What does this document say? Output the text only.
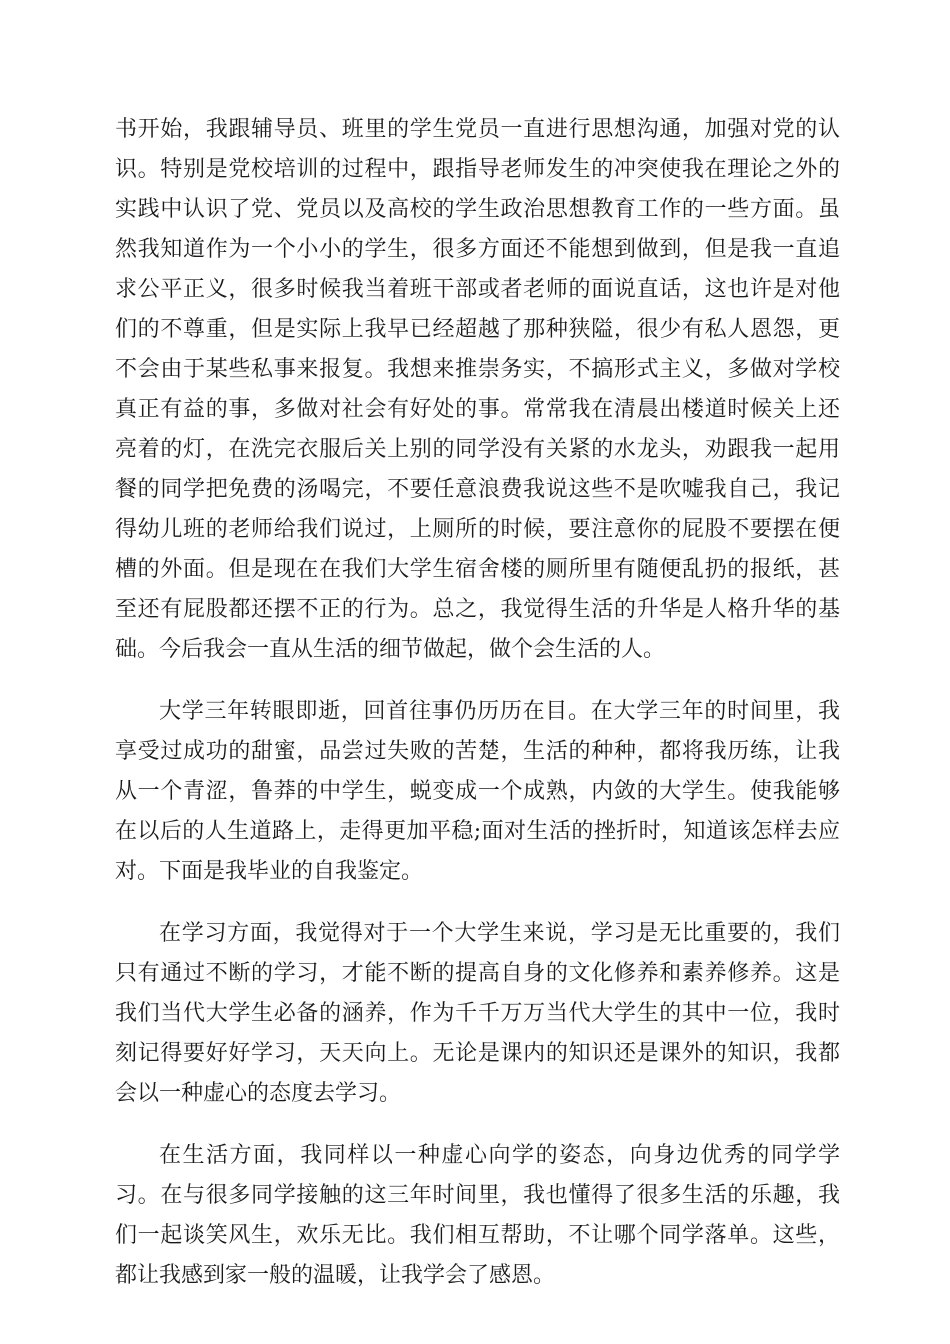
书开始，我跟辅导员、班里的学生党员一直进行思想沟通，加强对党的认识。特别是党校培训的过程中，跟指导老师发生的冲突使我在理论之外的实践中认识了党、党员以及高校的学生政治思想教育工作的一些方面。虽然我知道作为一个小小的学生，很多方面还不能想到做到，但是我一直追求公平正义，很多时候我当着班干部或者老师的面说直话，这也许是对他们的不尊重，但是实际上我早已经超越了那种狭隘，很少有私人恩怨，更不会由于某些私事来报复。我想来推崇务实，不搞形式主义，多做对学校真正有益的事，多做对社会有好处的事。常常我在清晨出楼道时候关上还亮着的灯，在洗完衣服后关上别的同学没有关紧的水龙头，劝跟我一起用餐的同学把免费的汤喝完，不要任意浪费我说这些不是吹嘘我自己，我记得幼儿班的老师给我们说过，上厕所的时候，要注意你的屁股不要摆在便槽的外面。但是现在在我们大学生宿舍楼的厕所里有随便乱扔的报纸，甚至还有屁股都还摆不正的行为。总之，我觉得生活的升华是人格升华的基础。今后我会一直从生活的细节做起，做个会生活的人。

大学三年转眼即逝，回首往事仍历历在目。在大学三年的时间里，我享受过成功的甜蜜，品尝过失败的苦楚，生活的种种，都将我历练，让我从一个青涩，鲁莽的中学生，蜕变成一个成熟，内敛的大学生。使我能够在以后的人生道路上，走得更加平稳;面对生活的挫折时，知道该怎样去应对。下面是我毕业的自我鉴定。

在学习方面，我觉得对于一个大学生来说，学习是无比重要的，我们只有通过不断的学习，才能不断的提高自身的文化修养和素养修养。这是我们当代大学生必备的涵养，作为千千万万当代大学生的其中一位，我时刻记得要好好学习，天天向上。无论是课内的知识还是课外的知识，我都会以一种虚心的态度去学习。

在生活方面，我同样以一种虚心向学的姿态，向身边优秀的同学学习。在与很多同学接触的这三年时间里，我也懂得了很多生活的乐趣，我们一起谈笑风生，欢乐无比。我们相互帮助，不让哪个同学落单。这些，都让我感到家一般的温暖，让我学会了感恩。
